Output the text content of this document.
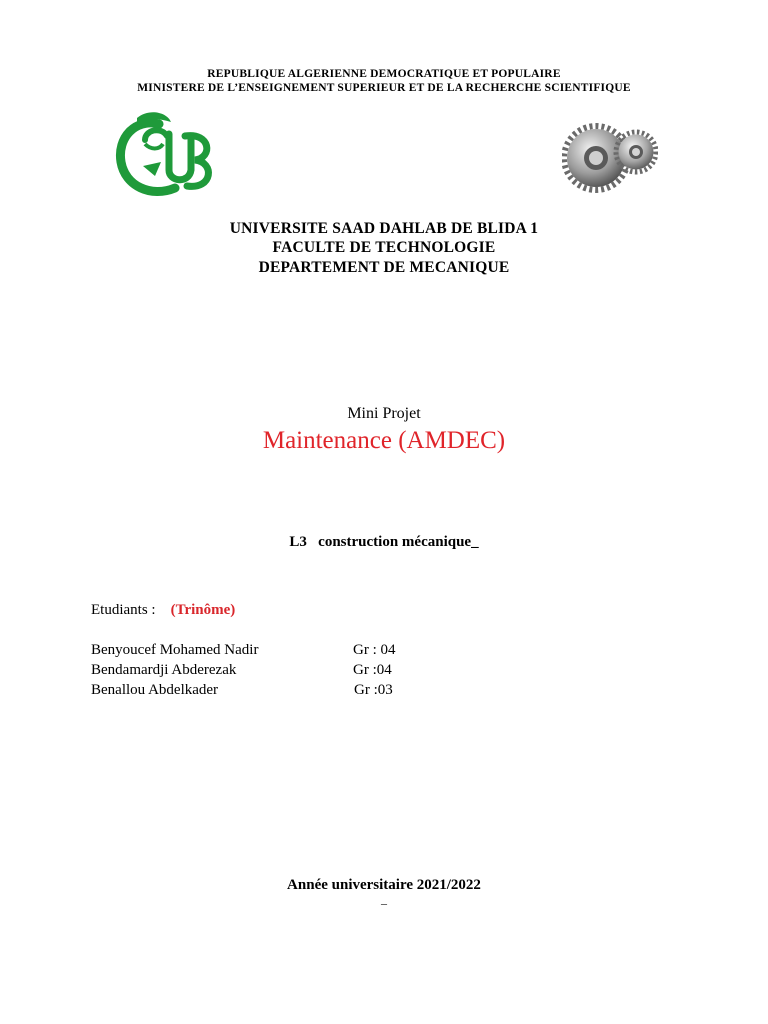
REPUBLIQUE ALGERIENNE DEMOCRATIQUE ET POPULAIRE
MINISTERE DE L’ENSEIGNEMENT SUPERIEUR ET DE LA RECHERCHE SCIENTIFIQUE
UNIVERSITE SAAD DAHLAB DE BLIDA 1
FACULTE DE TECHNOLOGIE
DEPARTEMENT DE MECANIQUE
Mini Projet
Maintenance (AMDEC)
L3 construction mécanique_
Etudiants : (Trinôme)
Benyoucef Mohamed Nadir	Gr : 04
Bendamardji Abderezak	Gr :04
Benallou Abdelkader	Gr :03
Année universitaire 2021/2022
–
